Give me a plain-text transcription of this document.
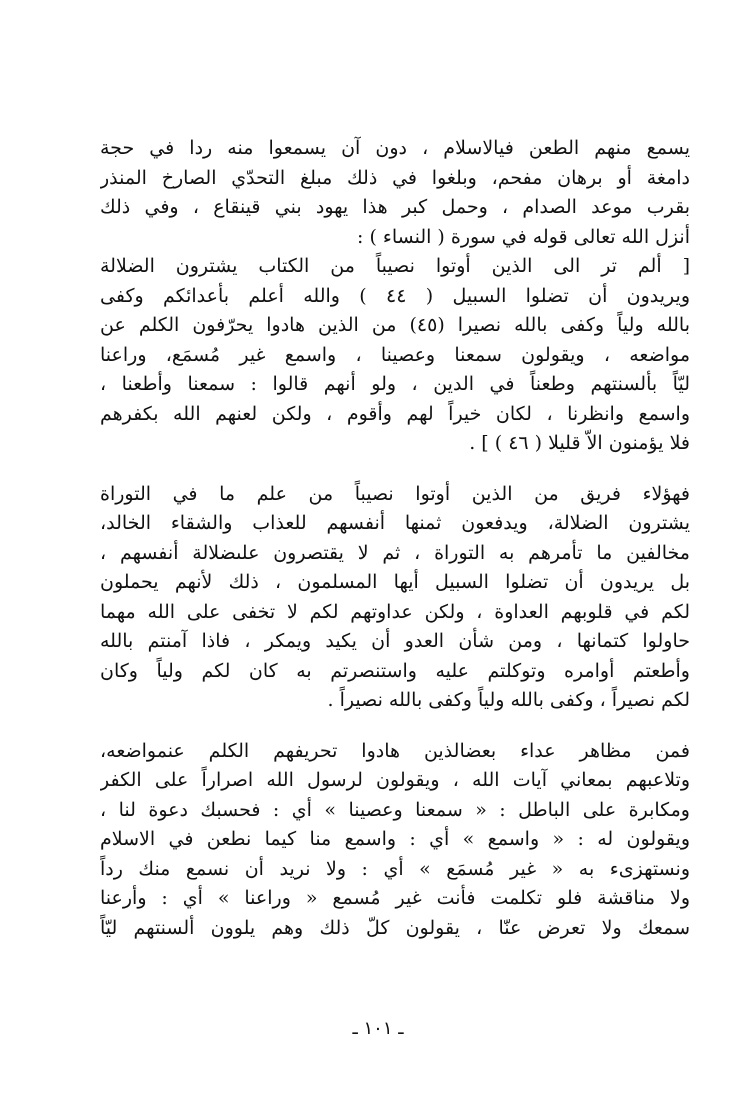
يسمع منهم الطعن فيالاسلام ، دون آن يسمعوا منه ردا في حجة
دامغة أو برهان مفحم، وبلغوا في ذلك مبلغ التحدّي الصارخ المنذر
بقرب موعد الصدام ، وحمل كبر هذا يهود بني قينقاع ، وفي ذلك
أنزل الله تعالى قوله في سورة ( النساء ) :
[ ألم تر الى الذين أوتوا نصيباً من الكتاب يشترون الضلالة
ويريدون أن تضلوا السبيل ( ٤٤ ) والله أعلم بأعدائكم وكفى
بالله ولياً وكفى بالله نصيرا (٤٥) من الذين هادوا يحرّفون الكلم عن
مواضعه ، ويقولون سمعنا وعصينا ، واسمع غير مُسمَع، وراعنا
ليّاً بألسنتهم وطعناً في الدين ، ولو أنهم قالوا : سمعنا وأطعنا ،
واسمع وانظرنا ، لكان خيراً لهم وأقوم ، ولكن لعنهم الله بكفرهم
فلا يؤمنون الاّ قليلا ( ٤٦ ) ] .
فهؤلاء فريق من الذين أوتوا نصيباً من علم ما في التوراة
يشترون الضلالة، ويدفعون ثمنها أنفسهم للعذاب والشقاء الخالد،
مخالفين ما تأمرهم به التوراة ، ثم لا يقتصرون علىضلالة أنفسهم ،
بل يريدون أن تضلوا السبيل أيها المسلمون ، ذلك لأنهم يحملون
لكم في قلوبهم العداوة ، ولكن عداوتهم لكم لا تخفى على الله مهما
حاولوا كتمانها ، ومن شأن العدو أن يكيد ويمكر ، فاذا آمنتم بالله
وأطعتم أوامره وتوكلتم عليه واستنصرتم به كان لكم ولياً وكان
لكم نصيراً ، وكفى بالله ولياً وكفى بالله نصيراً .
فمن مظاهر عداء بعضالذين هادوا تحريفهم الكلم عنمواضعه،
وتلاعبهم بمعاني آيات الله ، ويقولون لرسول الله اصراراً على الكفر
ومكابرة على الباطل : « سمعنا وعصينا » أي : فحسبك دعوة لنا ،
ويقولون له : « واسمع » أي : واسمع منا كيما نطعن في الاسلام
ونستهزىء به « غير مُسمَع » أي : ولا نريد أن نسمع منك رداً
ولا مناقشة فلو تكلمت فأنت غير مُسمع « وراعنا » أي : وأرعنا
سمعك ولا تعرض عنّا ، يقولون كلّ ذلك وهم يلوون ألسنتهم ليّاً
ـ ١٠١ ـ
